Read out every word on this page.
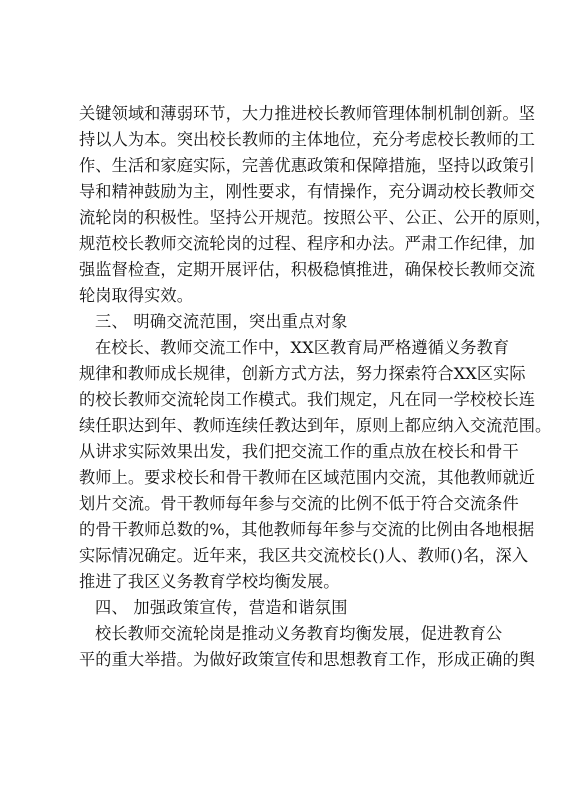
关键领域和薄弱环节，大力推进校长教师管理体制机制创新。坚
持以人为本。突出校长教师的主体地位，充分考虑校长教师的工
作、生活和家庭实际，完善优惠政策和保障措施，坚持以政策引
导和精神鼓励为主，刚性要求，有情操作，充分调动校长教师交
流轮岗的积极性。坚持公开规范。按照公平、公正、公开的原则，
规范校长教师交流轮岗的过程、程序和办法。严肃工作纪律，加
强监督检查，定期开展评估，积极稳慎推进，确保校长教师交流
轮岗取得实效。
三、 明确交流范围，突出重点对象
在校长、教师交流工作中，XX区教育局严格遵循义务教育
规律和教师成长规律，创新方式方法，努力探索符合XX区实际
的校长教师交流轮岗工作模式。我们规定，凡在同一学校校长连
续任职达到年、教师连续任教达到年，原则上都应纳入交流范围。
从讲求实际效果出发，我们把交流工作的重点放在校长和骨干
教师上。要求校长和骨干教师在区域范围内交流，其他教师就近
划片交流。骨干教师每年参与交流的比例不低于符合交流条件
的骨干教师总数的%，其他教师每年参与交流的比例由各地根据
实际情况确定。近年来，我区共交流校长()人、教师()名，深入
推进了我区义务教育学校均衡发展。
四、 加强政策宣传，营造和谐氛围
校长教师交流轮岗是推动义务教育均衡发展，促进教育公
平的重大举措。为做好政策宣传和思想教育工作，形成正确的舆
